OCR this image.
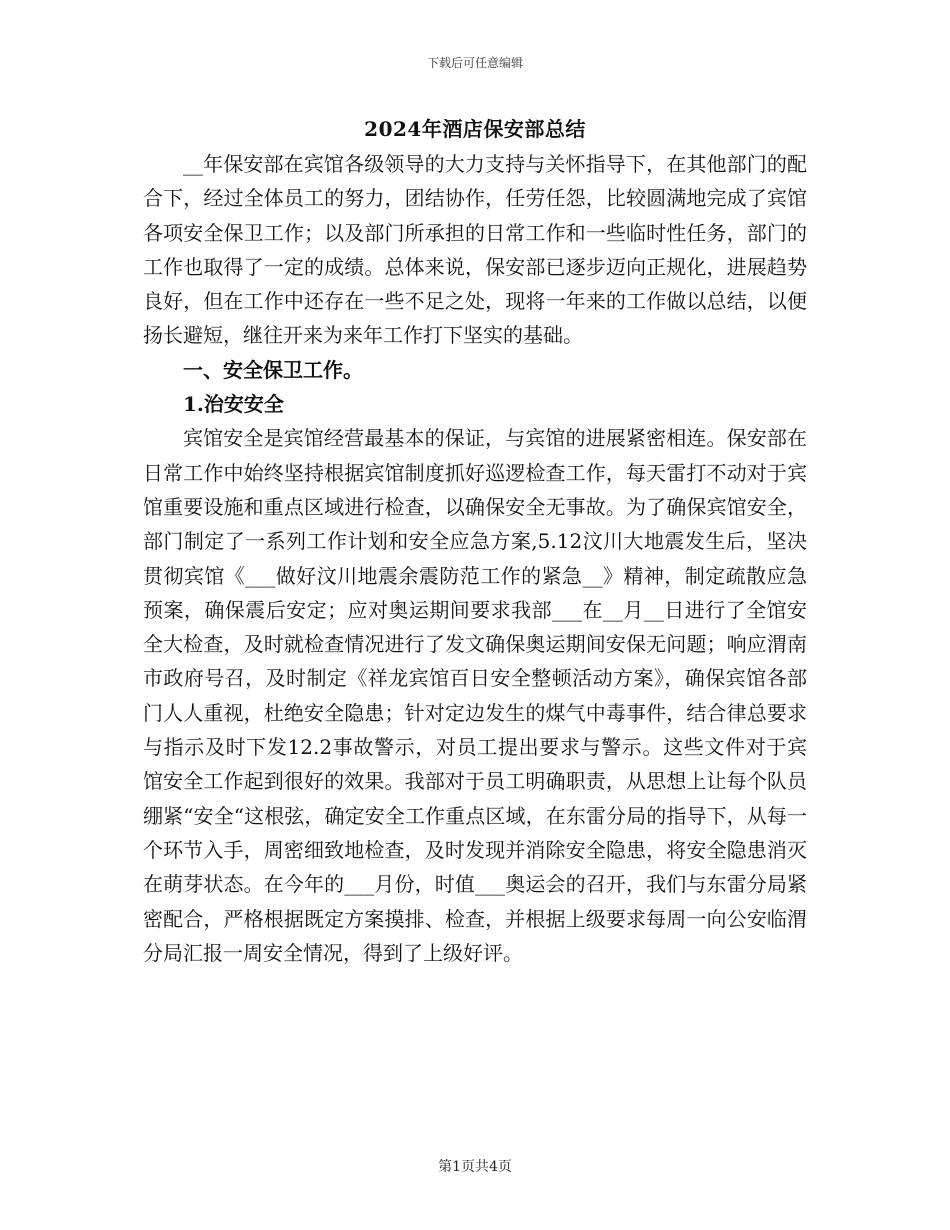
下载后可任意编辑
2024年酒店保安部总结

__年保安部在宾馆各级领导的大力支持与关怀指导下，在其他部门的配合下，经过全体员工的努力，团结协作，任劳任怨，比较圆满地完成了宾馆各项安全保卫工作；以及部门所承担的日常工作和一些临时性任务，部门的工作也取得了一定的成绩。总体来说，保安部已逐步迈向正规化，进展趋势良好，但在工作中还存在一些不足之处，现将一年来的工作做以总结，以便扬长避短，继往开来为来年工作打下坚实的基础。

一、安全保卫工作。

1.治安安全

宾馆安全是宾馆经营最基本的保证，与宾馆的进展紧密相连。保安部在日常工作中始终坚持根据宾馆制度抓好巡逻检查工作，每天雷打不动对于宾馆重要设施和重点区域进行检查，以确保安全无事故。为了确保宾馆安全，部门制定了一系列工作计划和安全应急方案,5.12汶川大地震发生后，坚决贯彻宾馆《___做好汶川地震余震防范工作的紧急__》精神，制定疏散应急预案，确保震后安定；应对奥运期间要求我部___在__月__日进行了全馆安全大检查，及时就检查情况进行了发文确保奥运期间安保无问题；响应渭南市政府号召，及时制定《祥龙宾馆百日安全整顿活动方案》，确保宾馆各部门人人重视，杜绝安全隐患；针对定边发生的煤气中毒事件，结合律总要求与指示及时下发12.2事故警示，对员工提出要求与警示。这些文件对于宾馆安全工作起到很好的效果。我部对于员工明确职责，从思想上让每个队员绷紧“安全“这根弦，确定安全工作重点区域，在东雷分局的指导下，从每一个环节入手，周密细致地检查，及时发现并消除安全隐患，将安全隐患消灭在萌芽状态。在今年的___月份，时值___奥运会的召开，我们与东雷分局紧密配合，严格根据既定方案摸排、检查，并根据上级要求每周一向公安临渭分局汇报一周安全情况，得到了上级好评。

第1页共4页
